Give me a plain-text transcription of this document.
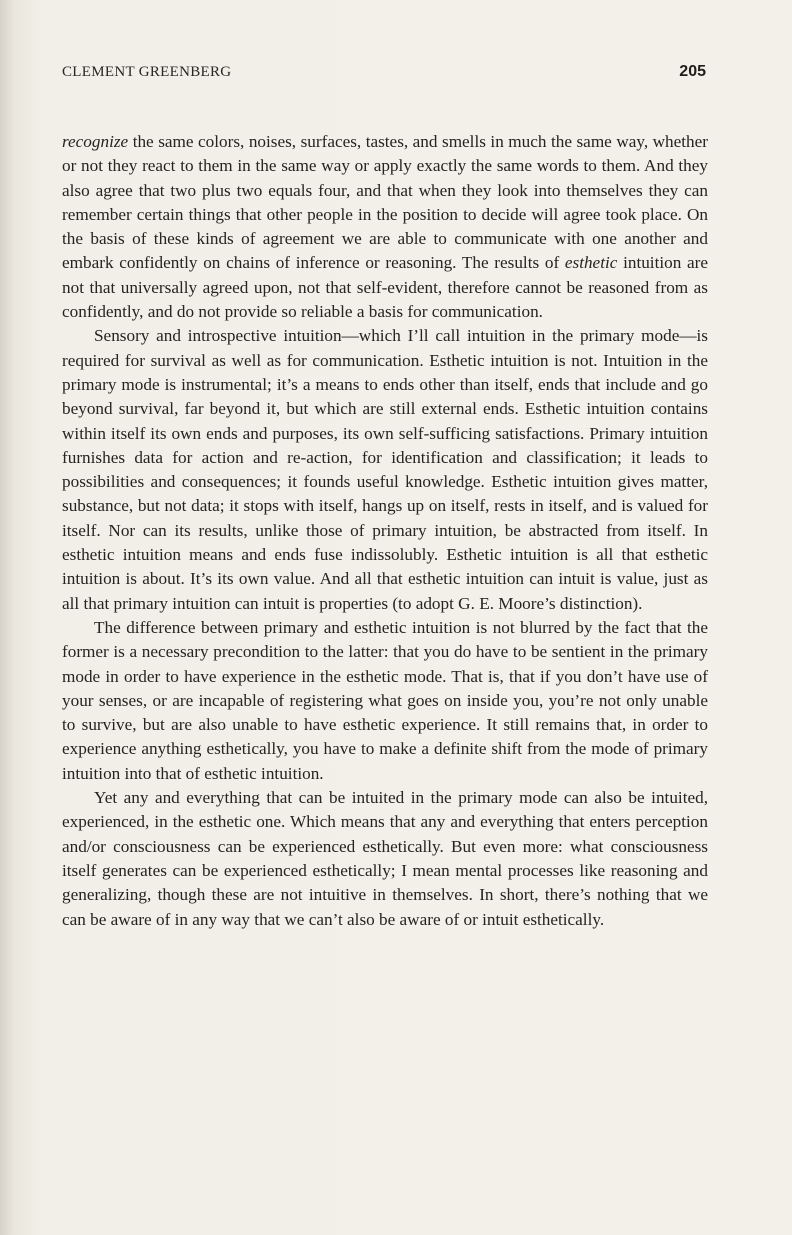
CLEMENT GREENBERG	205

recognize the same colors, noises, surfaces, tastes, and smells in much the same way, whether or not they react to them in the same way or apply exactly the same words to them. And they also agree that two plus two equals four, and that when they look into themselves they can remember certain things that other people in the position to decide will agree took place. On the basis of these kinds of agreement we are able to communicate with one another and embark confidently on chains of inference or reasoning. The results of esthetic intuition are not that universally agreed upon, not that self-evident, therefore cannot be reasoned from as confidently, and do not provide so reliable a basis for communication.

Sensory and introspective intuition—which I’ll call intuition in the primary mode—is required for survival as well as for communication. Esthetic intuition is not. Intuition in the primary mode is instrumental; it’s a means to ends other than itself, ends that include and go beyond survival, far beyond it, but which are still external ends. Esthetic intuition contains within itself its own ends and purposes, its own self-sufficing satisfactions. Primary intuition furnishes data for action and re-action, for identification and classification; it leads to possibilities and consequences; it founds useful knowledge. Esthetic intuition gives matter, substance, but not data; it stops with itself, hangs up on itself, rests in itself, and is valued for itself. Nor can its results, unlike those of primary intuition, be abstracted from itself. In esthetic intuition means and ends fuse indissolubly. Esthetic intuition is all that esthetic intuition is about. It’s its own value. And all that esthetic intuition can intuit is value, just as all that primary intuition can intuit is properties (to adopt G. E. Moore’s distinction).

The difference between primary and esthetic intuition is not blurred by the fact that the former is a necessary precondition to the latter: that you do have to be sentient in the primary mode in order to have experience in the esthetic mode. That is, that if you don’t have use of your senses, or are incapable of registering what goes on inside you, you’re not only unable to survive, but are also unable to have esthetic experience. It still remains that, in order to experience anything esthetically, you have to make a definite shift from the mode of primary intuition into that of esthetic intuition.

Yet any and everything that can be intuited in the primary mode can also be intuited, experienced, in the esthetic one. Which means that any and everything that enters perception and/or consciousness can be experienced esthetically. But even more: what consciousness itself generates can be experienced esthetically; I mean mental processes like reasoning and generalizing, though these are not intuitive in themselves. In short, there’s nothing that we can be aware of in any way that we can’t also be aware of or intuit esthetically.
